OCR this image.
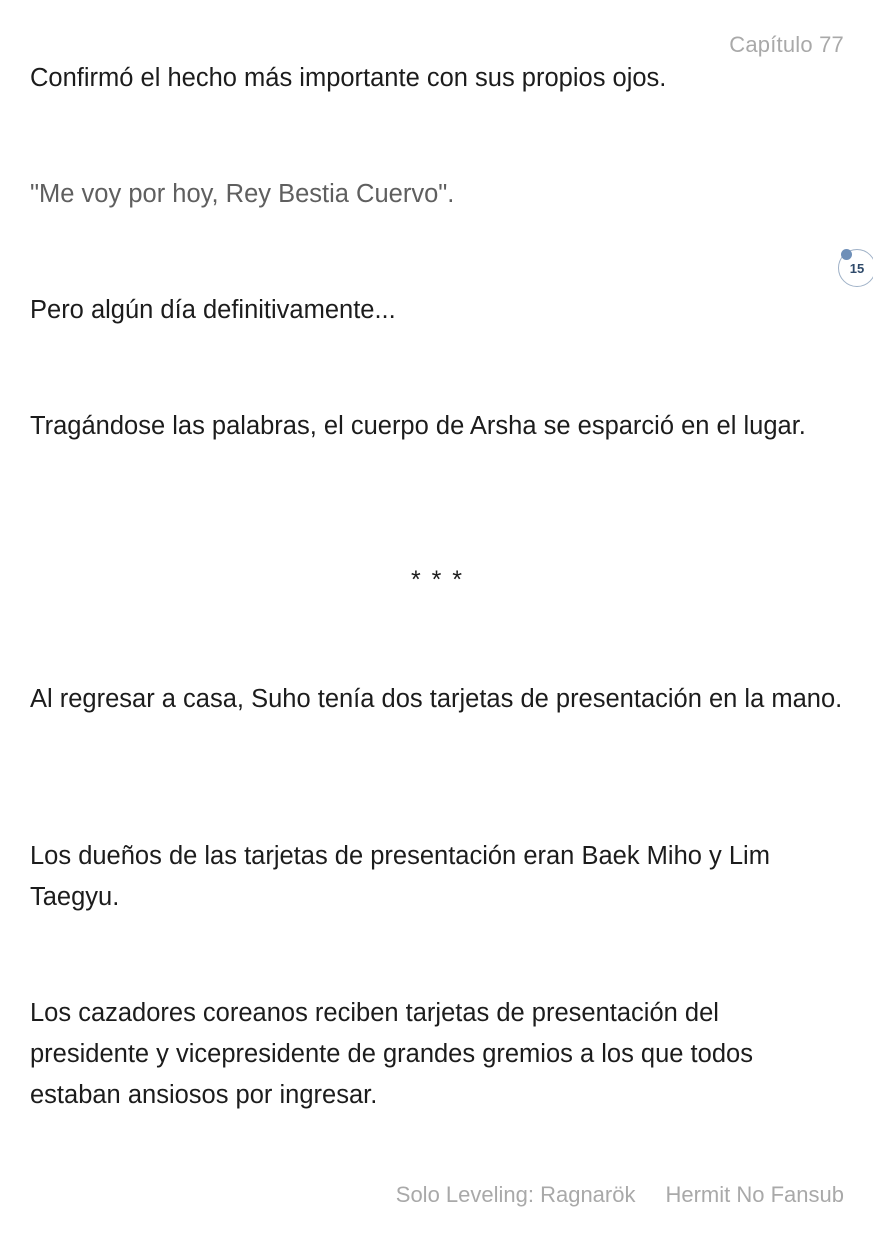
Capítulo 77

Confirmó el hecho más importante con sus propios ojos.

"Me voy por hoy, Rey Bestia Cuervo".

Pero algún día definitivamente...

Tragándose las palabras, el cuerpo de Arsha se esparció en el lugar.

* * *

Al regresar a casa, Suho tenía dos tarjetas de presentación en la mano.

Los dueños de las tarjetas de presentación eran Baek Miho y Lim Taegyu.

Los cazadores coreanos reciben tarjetas de presentación del presidente y vicepresidente de grandes gremios a los que todos estaban ansiosos por ingresar.

15
Solo Leveling: Ragnarök Hermit No Fansub
